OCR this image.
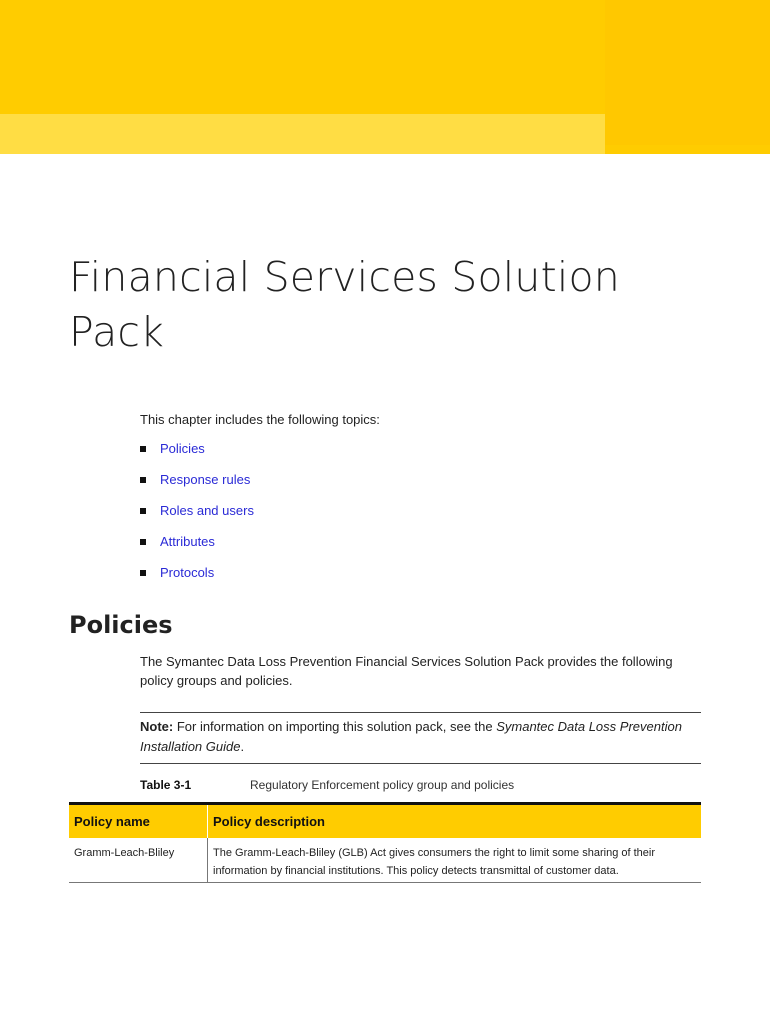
Financial Services Solution Pack
This chapter includes the following topics:
Policies
Response rules
Roles and users
Attributes
Protocols
Policies
The Symantec Data Loss Prevention Financial Services Solution Pack provides the following policy groups and policies.
Note: For information on importing this solution pack, see the Symantec Data Loss Prevention Installation Guide.
Table 3-1	Regulatory Enforcement policy group and policies
Policy name	Policy description
Gramm-Leach-Bliley	The Gramm-Leach-Bliley (GLB) Act gives consumers the right to limit some sharing of their information by financial institutions. This policy detects transmittal of customer data.
